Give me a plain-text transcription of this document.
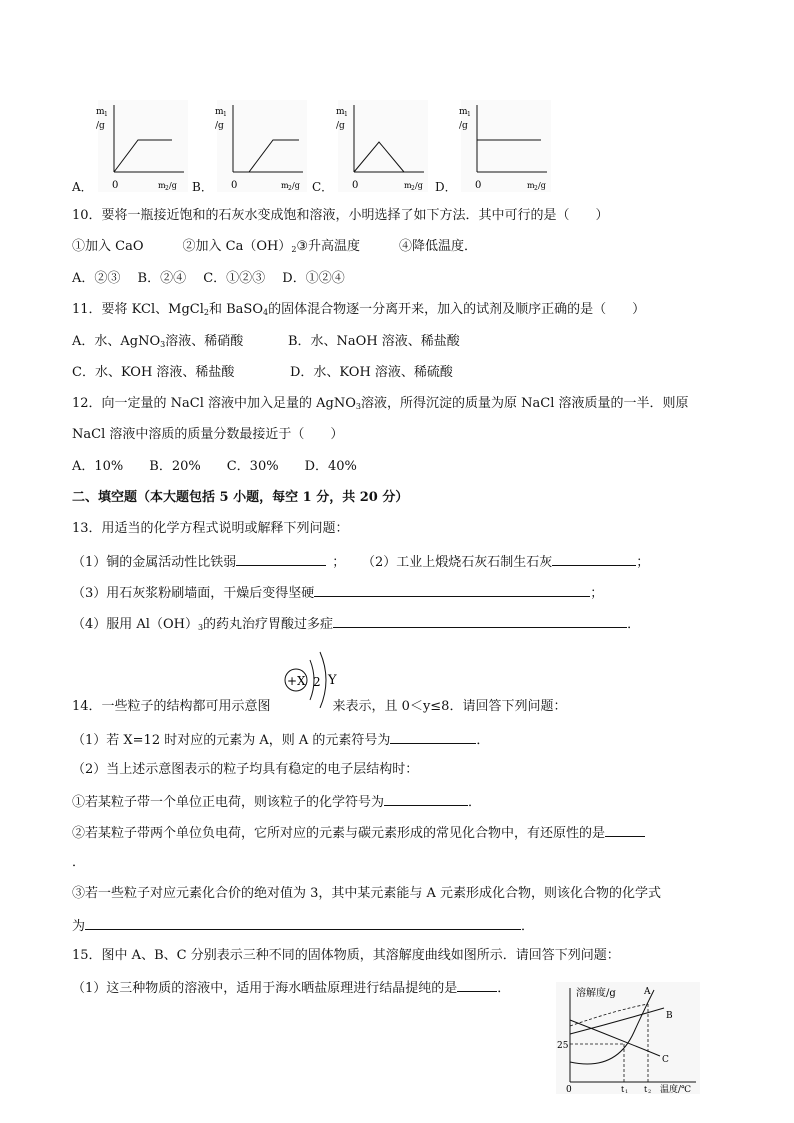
A．
m 1
/g
0	m 2 /g B．
m 1
/g
0	m 2 /g C．
m 1
/g
0	m 2 /g D．
m 1
/g
0	m 2 /g
10．要将一瓶接近饱和的石灰水变成饱和溶液，小明选择了如下方法．其中可行的是（　　）
①加入 CaO　　　②加入 $Ca(OH)_2③$升高温度　　　④降低温度．
A．②③　 B．②④　 C．①②③　 D．①②④
11．要将 KCl、MgCl$_2$和 BaSO$_4$的固体混合物逐一分离开来，加入的试剂及顺序正确的是（　　）
A．水、AgNO$_3$溶液、稀硝酸	B．水、NaOH 溶液、稀盐酸
C．水、KOH 溶液、稀盐酸	D．水、KOH 溶液、稀硫酸
12．向一定量的 NaCl 溶液中加入足量的 AgNO$_3$溶液，所得沉淀的质量为原 NaCl 溶液质量的一半．则原
NaCl 溶液中溶质的质量分数最接近于（　　）
A．10%　　B．20%　　C．30%　　D．40%
二、填空题（本大题包括 5 小题，每空 1 分，共 20 分）
13．用适当的化学方程式说明或解释下列问题：
（1）铜的金属活动性比铁弱	； （2）工业上煅烧石灰石制生石灰	；
（3）用石灰浆粉刷墙面，干燥后变得坚硬	；
（4）服用 $Al(OH)_3$的药丸治疗胃酸过多症	．
+X 2 Y
14．一些粒子的结构都可用示意图	来表示，且 0＜y≤8．请回答下列问题：
（1）若 X=12 时对应的元素为 A，则 A 的元素符号为	．
（2）当上述示意图表示的粒子均具有稳定的电子层结构时：
①若某粒子带一个单位正电荷，则该粒子的化学符号为	．
②若某粒子带两个单位负电荷，它所对应的元素与碳元素形成的常见化合物中，有还原性的是
．
③若一些粒子对应元素化合价的绝对值为 3，其中某元素能与 A 元素形成化合物，则该化合物的化学式
为	．
15．图中 A、B、C 分别表示三种不同的固体物质，其溶解度曲线如图所示．请回答下列问题：
（1）这三种物质的溶液中，适用于海水晒盐原理进行结晶提纯的是	．	溶解度/g
0
25
温度/℃
A
B
C
t 1 t 2
